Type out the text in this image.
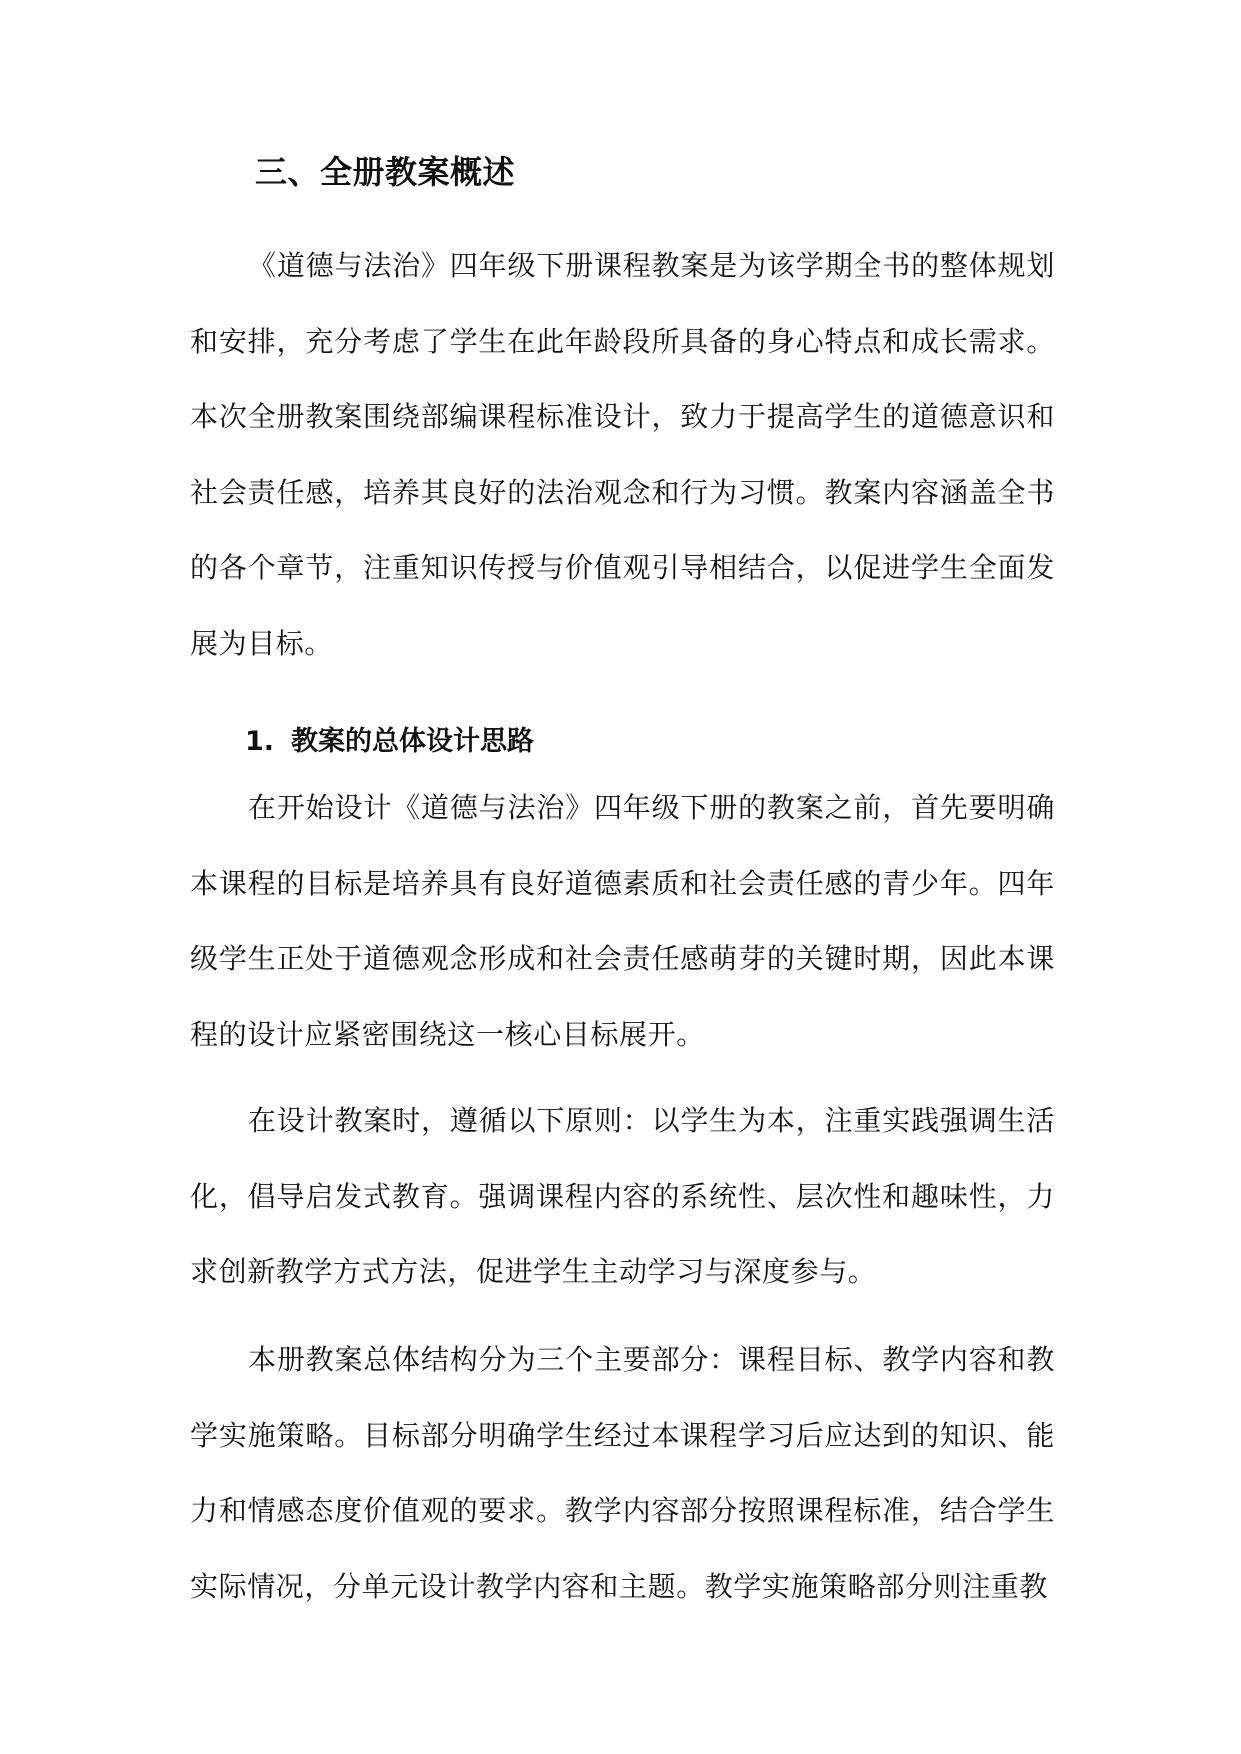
三、全册教案概述

《道德与法治》四年级下册课程教案是为该学期全书的整体规划和安排，充分考虑了学生在此年龄段所具备的身心特点和成长需求。本次全册教案围绕部编课程标准设计，致力于提高学生的道德意识和社会责任感，培养其良好的法治观念和行为习惯。教案内容涵盖全书的各个章节，注重知识传授与价值观引导相结合，以促进学生全面发展为目标。

1. 教案的总体设计思路

在开始设计《道德与法治》四年级下册的教案之前，首先要明确本课程的目标是培养具有良好道德素质和社会责任感的青少年。四年级学生正处于道德观念形成和社会责任感萌芽的关键时期，因此本课程的设计应紧密围绕这一核心目标展开。

在设计教案时，遵循以下原则：以学生为本，注重实践强调生活化，倡导启发式教育。强调课程内容的系统性、层次性和趣味性，力求创新教学方式方法，促进学生主动学习与深度参与。

本册教案总体结构分为三个主要部分：课程目标、教学内容和教学实施策略。目标部分明确学生经过本课程学习后应达到的知识、能力和情感态度价值观的要求。教学内容部分按照课程标准，结合学生实际情况，分单元设计教学内容和主题。教学实施策略部分则注重教
